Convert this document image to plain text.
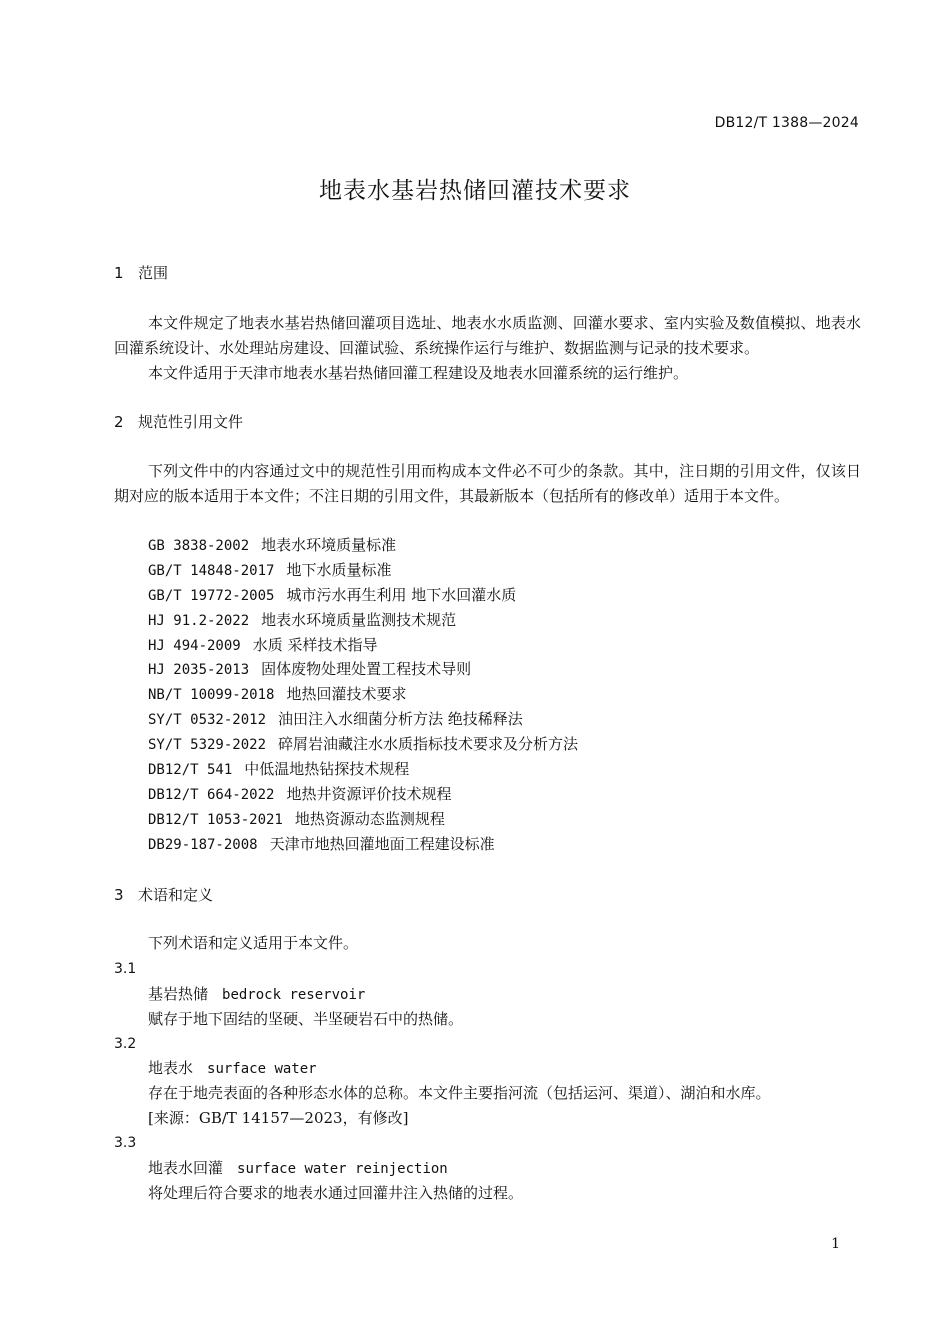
DB12/T 1388—2024
地表水基岩热储回灌技术要求
1 范围
本文件规定了地表水基岩热储回灌项目选址、地表水水质监测、回灌水要求、室内实验及数值模拟、地表水回灌系统设计、水处理站房建设、回灌试验、系统操作运行与维护、数据监测与记录的技术要求。
本文件适用于天津市地表水基岩热储回灌工程建设及地表水回灌系统的运行维护。
2 规范性引用文件
下列文件中的内容通过文中的规范性引用而构成本文件必不可少的条款。其中，注日期的引用文件，仅该日期对应的版本适用于本文件；不注日期的引用文件，其最新版本（包括所有的修改单）适用于本文件。
GB 3838-2002 地表水环境质量标准
GB/T 14848-2017 地下水质量标准
GB/T 19772-2005 城市污水再生利用 地下水回灌水质
HJ 91.2-2022 地表水环境质量监测技术规范
HJ 494-2009 水质 采样技术指导
HJ 2035-2013 固体废物处理处置工程技术导则
NB/T 10099-2018 地热回灌技术要求
SY/T 0532-2012 油田注入水细菌分析方法 绝技稀释法
SY/T 5329-2022 碎屑岩油藏注水水质指标技术要求及分析方法
DB12/T 541 中低温地热钻探技术规程
DB12/T 664-2022 地热井资源评价技术规程
DB12/T 1053-2021 地热资源动态监测规程
DB29-187-2008 天津市地热回灌地面工程建设标准
3 术语和定义
下列术语和定义适用于本文件。
3.1
基岩热储 bedrock reservoir
赋存于地下固结的坚硬、半坚硬岩石中的热储。
3.2
地表水 surface water
存在于地壳表面的各种形态水体的总称。本文件主要指河流（包括运河、渠道）、湖泊和水库。
[来源：GB/T 14157—2023，有修改]
3.3
地表水回灌 surface water reinjection
将处理后符合要求的地表水通过回灌井注入热储的过程。
1
